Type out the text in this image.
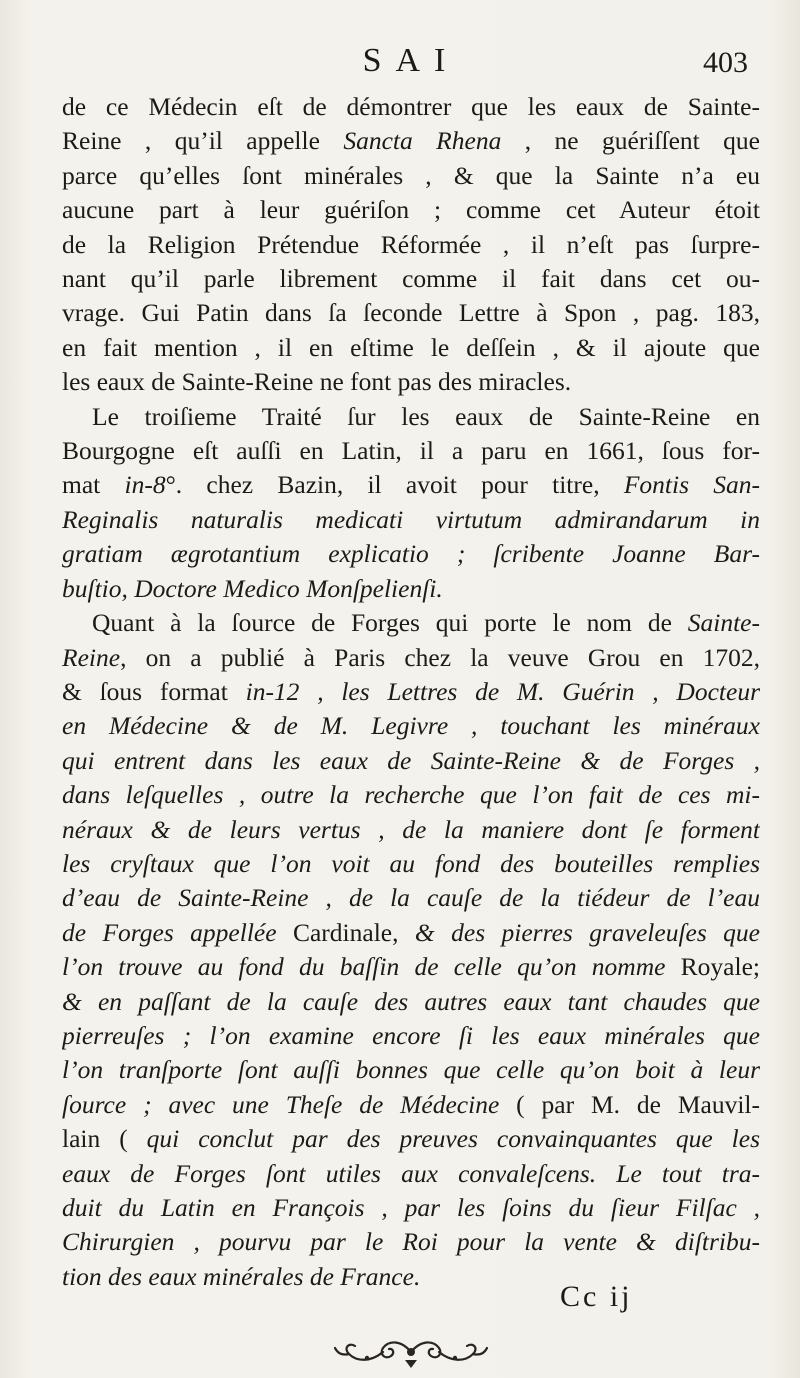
SAI	403
de ce Médecin eſt de démontrer que les eaux de Sainte-
Reine , qu’il appelle Sancta Rhena , ne guériſſent que
parce qu’elles ſont minérales , & que la Sainte n’a eu
aucune part à leur guériſon ; comme cet Auteur étoit
de la Religion Prétendue Réformée , il n’eſt pas ſurpre-
nant qu’il parle librement comme il fait dans cet ou-
vrage. Gui Patin dans ſa ſeconde Lettre à Spon , pag. 183,
en fait mention , il en eſtime le deſſein , & il ajoute que
les eaux de Sainte-Reine ne font pas des miracles.
Le troiſieme Traité ſur les eaux de Sainte-Reine en
Bourgogne eſt auſſi en Latin, il a paru en 1661, ſous for-
mat in-8°. chez Bazin, il avoit pour titre, Fontis San-
Reginalis naturalis medicati virtutum admirandarum in
gratiam ægrotantium explicatio ; ſcribente Joanne Bar-
buſtio, Doctore Medico Monſpelienſi.
Quant à la ſource de Forges qui porte le nom de Sainte-
Reine, on a publié à Paris chez la veuve Grou en 1702,
& ſous format in-12 , les Lettres de M. Guérin , Docteur
en Médecine & de M. Legivre , touchant les minéraux
qui entrent dans les eaux de Sainte-Reine & de Forges ,
dans leſquelles , outre la recherche que l’on fait de ces mi-
néraux & de leurs vertus , de la maniere dont ſe forment
les cryſtaux que l’on voit au fond des bouteilles remplies
d’eau de Sainte-Reine , de la cauſe de la tiédeur de l’eau
de Forges appellée Cardinale, & des pierres graveleuſes que
l’on trouve au fond du baſſin de celle qu’on nomme Royale;
& en paſſant de la cauſe des autres eaux tant chaudes que
pierreuſes ; l’on examine encore ſi les eaux minérales que
l’on tranſporte ſont auſſi bonnes que celle qu’on boit à leur
ſource ; avec une Theſe de Médecine ( par M. de Mauvil-
lain ( qui conclut par des preuves convainquantes que les
eaux de Forges ſont utiles aux convaleſcens. Le tout tra-
duit du Latin en François , par les ſoins du ſieur Filſac ,
Chirurgien , pourvu par le Roi pour la vente & diſtribu-
tion des eaux minérales de France.
Cc ij
